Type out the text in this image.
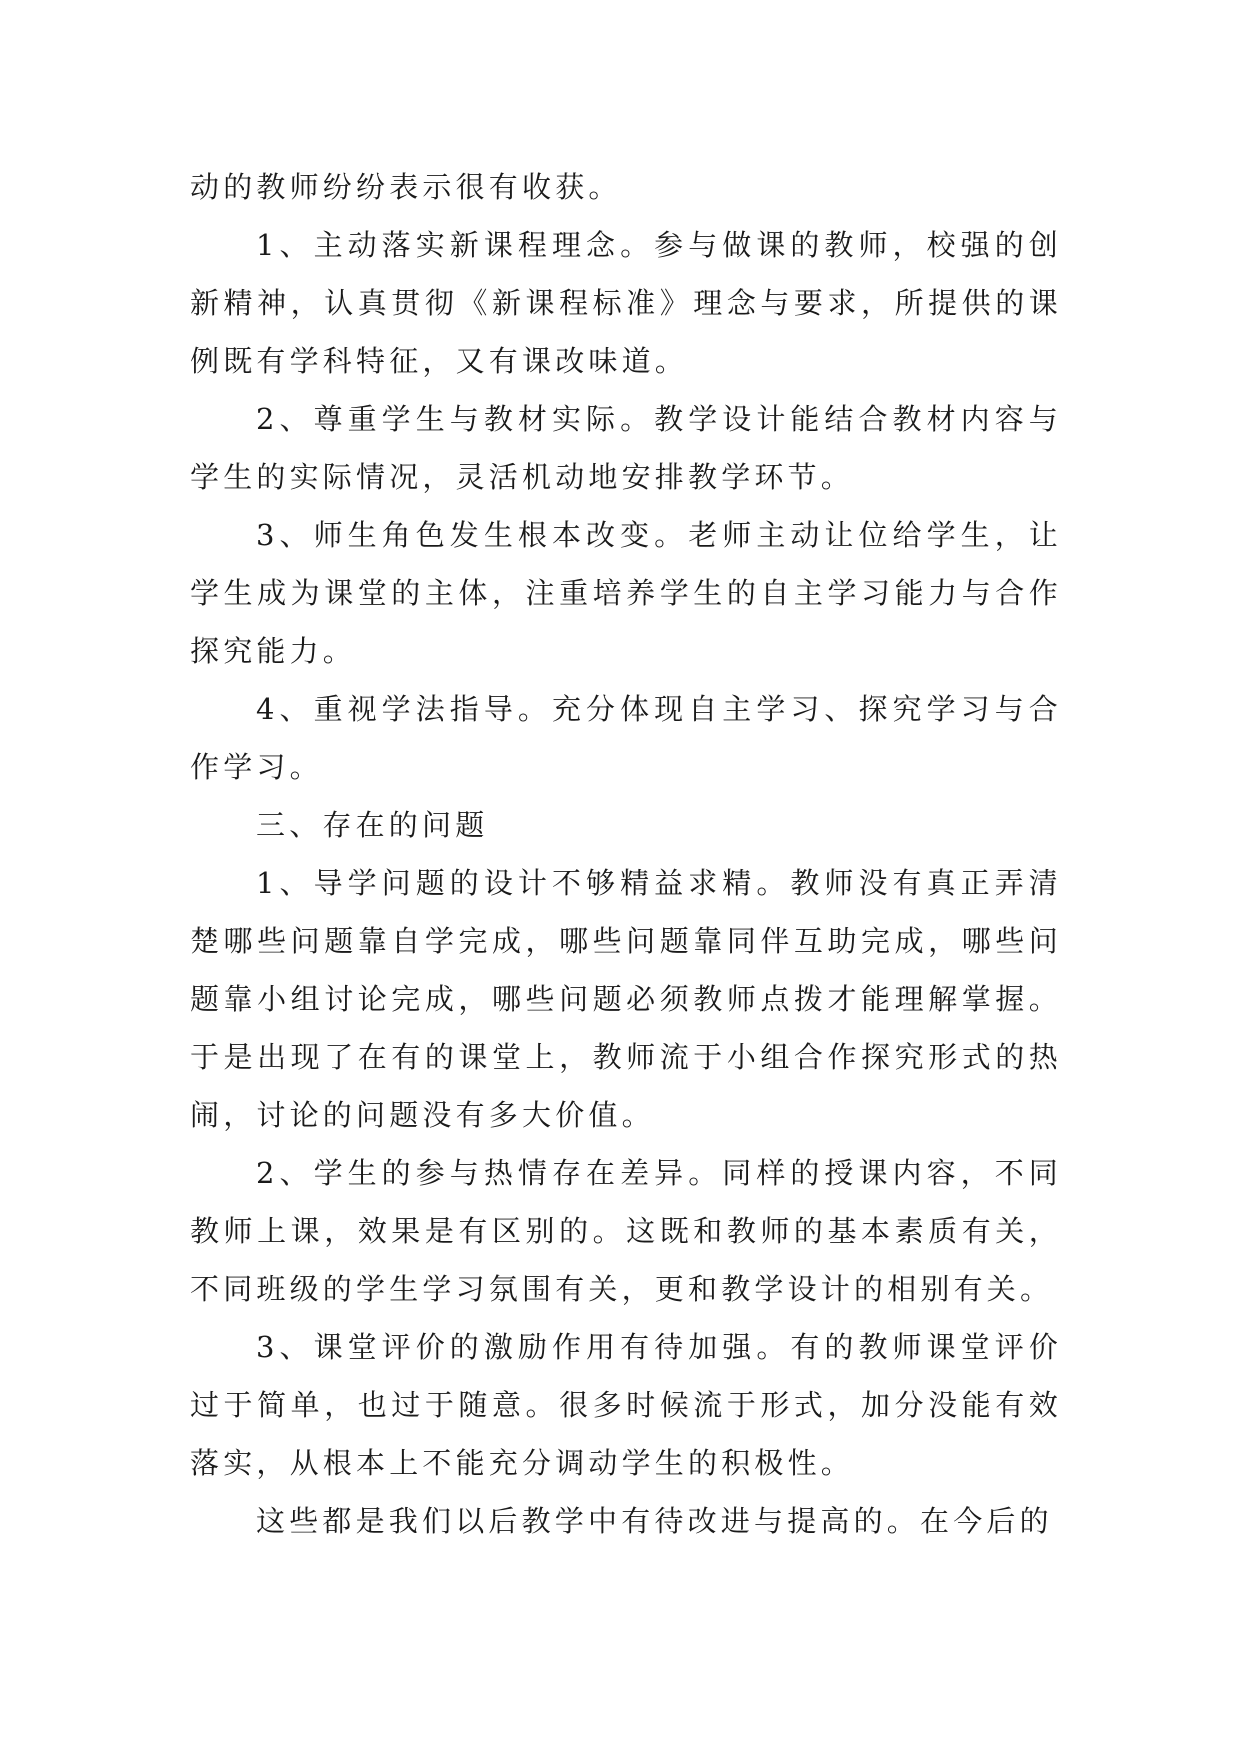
动的教师纷纷表示很有收获。

1、主动落实新课程理念。参与做课的教师，校强的创新精神，认真贯彻《新课程标准》理念与要求，所提供的课例既有学科特征，又有课改味道。

2、尊重学生与教材实际。教学设计能结合教材内容与学生的实际情况，灵活机动地安排教学环节。

3、师生角色发生根本改变。老师主动让位给学生，让学生成为课堂的主体，注重培养学生的自主学习能力与合作探究能力。

4、重视学法指导。充分体现自主学习、探究学习与合作学习。

三、存在的问题

1、导学问题的设计不够精益求精。教师没有真正弄清楚哪些问题靠自学完成，哪些问题靠同伴互助完成，哪些问题靠小组讨论完成，哪些问题必须教师点拨才能理解掌握。于是出现了在有的课堂上，教师流于小组合作探究形式的热闹，讨论的问题没有多大价值。

2、学生的参与热情存在差异。同样的授课内容，不同教师上课，效果是有区别的。这既和教师的基本素质有关，不同班级的学生学习氛围有关，更和教学设计的相别有关。

3、课堂评价的激励作用有待加强。有的教师课堂评价过于简单，也过于随意。很多时候流于形式，加分没能有效落实，从根本上不能充分调动学生的积极性。

这些都是我们以后教学中有待改进与提高的。在今后的
